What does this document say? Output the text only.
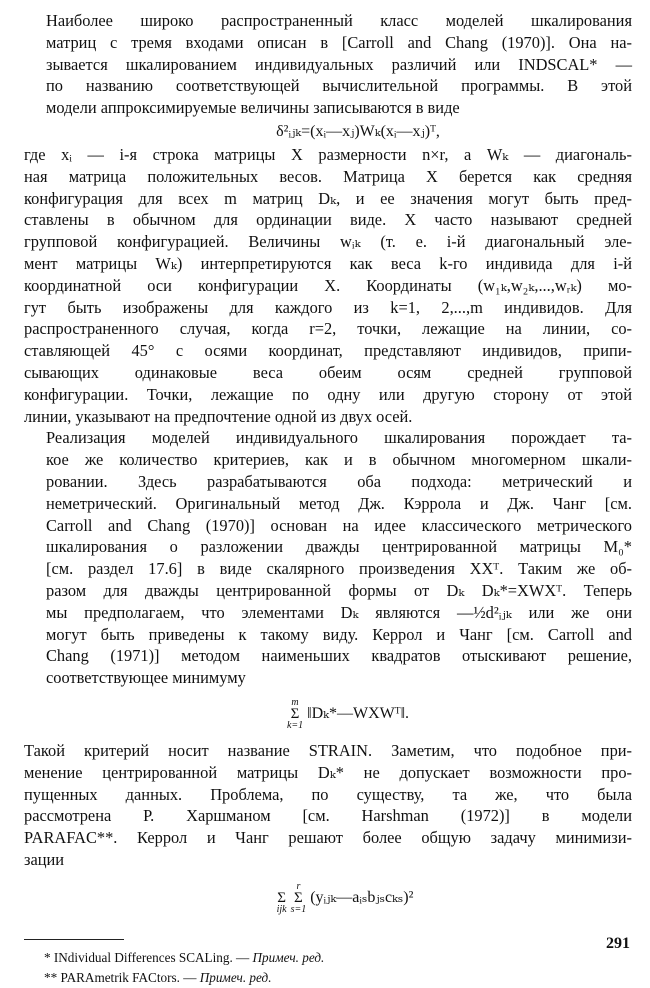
Наиболее широко распространенный класс моделей шкалирования
матриц с тремя входами описан в [Carroll and Chang (1970)]. Она на-
зывается шкалированием индивидуальных различий или INDSCAL* —
по названию соответствующей вычислительной программы. В этой
модели аппроксимируемые величины записываются в виде

δ²ᵢⱼₖ=(xᵢ—xⱼ)Wₖ(xᵢ—xⱼ)ᵀ,

где xᵢ — i-я строка матрицы X размерности n×r, а Wₖ — диагональ-
ная матрица положительных весов. Матрица X берется как средняя
конфигурация для всех m матриц Dₖ, и ее значения могут быть пред-
ставлены в обычном для ординации виде. X часто называют средней
групповой конфигурацией. Величины wᵢₖ (т. е. i-й диагональный эле-
мент матрицы Wₖ) интерпретируются как веса k-го индивида для i-й
координатной оси конфигурации X. Координаты (w₁ₖ,w₂ₖ,...,wᵣₖ) мо-
гут быть изображены для каждого из k=1, 2,...,m индивидов. Для
распространенного случая, когда r=2, точки, лежащие на линии, со-
ставляющей 45° с осями координат, представляют индивидов, припи-
сывающих одинаковые веса обеим осям средней групповой
конфигурации. Точки, лежащие по одну или другую сторону от этой
линии, указывают на предпочтение одной из двух осей.

Реализация моделей индивидуального шкалирования порождает та-
кое же количество критериев, как и в обычном многомерном шкали-
ровании. Здесь разрабатываются оба подхода: метрический и
неметрический. Оригинальный метод Дж. Кэррола и Дж. Чанг [см.
Carroll and Chang (1970)] основан на идее классического метрического
шкалирования о разложении дважды центрированной матрицы M₀*
[см. раздел 17.6] в виде скалярного произведения XXᵀ. Таким же об-
разом для дважды центрированной формы от Dₖ Dₖ*=XWXᵀ. Теперь
мы предполагаем, что элементами Dₖ являются —½d²ᵢⱼₖ или же они
могут быть приведены к такому виду. Керрол и Чанг [см. Carroll and
Chang (1971)] методом наименьших квадратов отыскивают решение,
соответствующее минимуму

m
Σ
k=1
‖Dₖ*—WXWᵀ‖.

Такой критерий носит название STRAIN. Заметим, что подобное при-
менение центрированной матрицы Dₖ* не допускает возможности про-
пущенных данных. Проблема, по существу, та же, что была
рассмотрена Р. Харшманом [см. Harshman (1972)] в модели
PARAFAC**. Керрол и Чанг решают более общую задачу минимизи-
зации

Σ
ijk

r
Σ
s=1
(yᵢⱼₖ—aᵢₛbⱼₛcₖₛ)²
* INdividual Differences SCALing. — Примеч. ред.
** PARAmetrik FACtors. — Примеч. ред.
291
